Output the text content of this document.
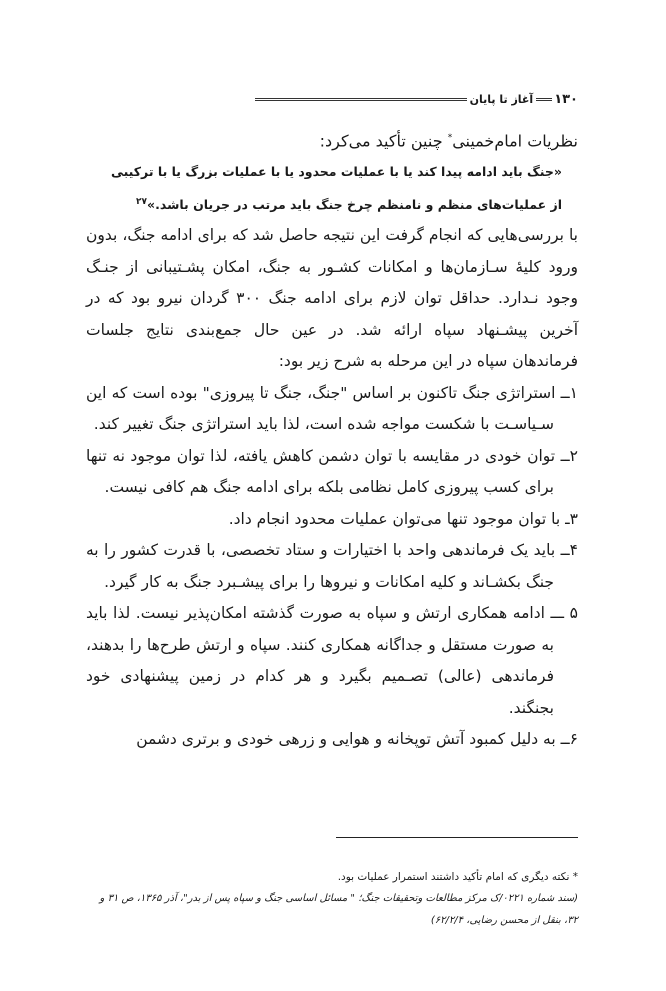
۱۳۰
آغاز تا پایان
نظریات امام‌خمینی* چنین تأکید می‌کرد:
«جنگ باید ادامه پیدا کند یا با عملیات محدود یا با عملیات بزرگ یا با ترکیبی
از عملیات‌های منظم و نامنظم چرخ جنگ باید مرتب در جریان باشد.»$^{۲۷}$
با بررسی‌هایی که انجام گرفت این نتیجه حاصل شد که برای ادامه جنگ، بدون ورود کلیهٔ سـازمان‌ها و امکانات کشـور به جنگ، امکان پشـتیبانی از جنـگ وجود نـدارد. حداقل توان لازم برای ادامه جنگ ۳۰۰ گردان نیرو بود که در آخرین پیشـنهاد سپاه ارائه شد. در عین حال جمع‌بندی نتایج جلسات فرماندهان سپاه در این مرحله به شرح زیر بود:
۱ــ استراتژی جنگ تاکنون بر اساس "جنگ، جنگ تا پیروزی" بوده است که این سـیاسـت با شکست مواجه شده است، لذا باید استراتژی جنگ تغییر کند.
۲ــ توان خودی در مقایسه با توان دشمن کاهش یافته، لذا توان موجود نه تنها برای کسب پیروزی کامل نظامی بلکه برای ادامه جنگ هم کافی نیست.
۳ـ با توان موجود تنها می‌توان عملیات محدود انجام داد.
۴ــ باید یک فرماندهی واحد با اختیارات و ستاد تخصصی، با قدرت کشور را به جنگ بکشـاند و کلیه امکانات و نیروها را برای پیشـبرد جنگ به کار گیرد.
۵ ـــ ادامه همکاری ارتش و سپاه به صورت گذشته امکان‌پذیر نیست. لذا باید به صورت مستقل و جداگانه همکاری کنند. سپاه و ارتش طرح‌ها را بدهند، فرماندهی (عالی) تصـمیم بگیرد و هر کدام در زمین پیشنهادی خود بجنگند.
۶ــ به دلیل کمبود آتش توپخانه و هوایی و زرهی خودی و برتری دشمن
* نکته دیگری که امام تأکید داشتند استمرار عملیات بود.
(سند شماره ۰۲۲۱/ک مرکز مطالعات وتحقیقات جنگ؛ " مسائل اساسی جنگ و سپاه پس از بدر"، آذر ۱۳۶۵، ص ۳۱ و ۳۲، بنقل از محسن رضایی، ۶۲/۲/۴)
